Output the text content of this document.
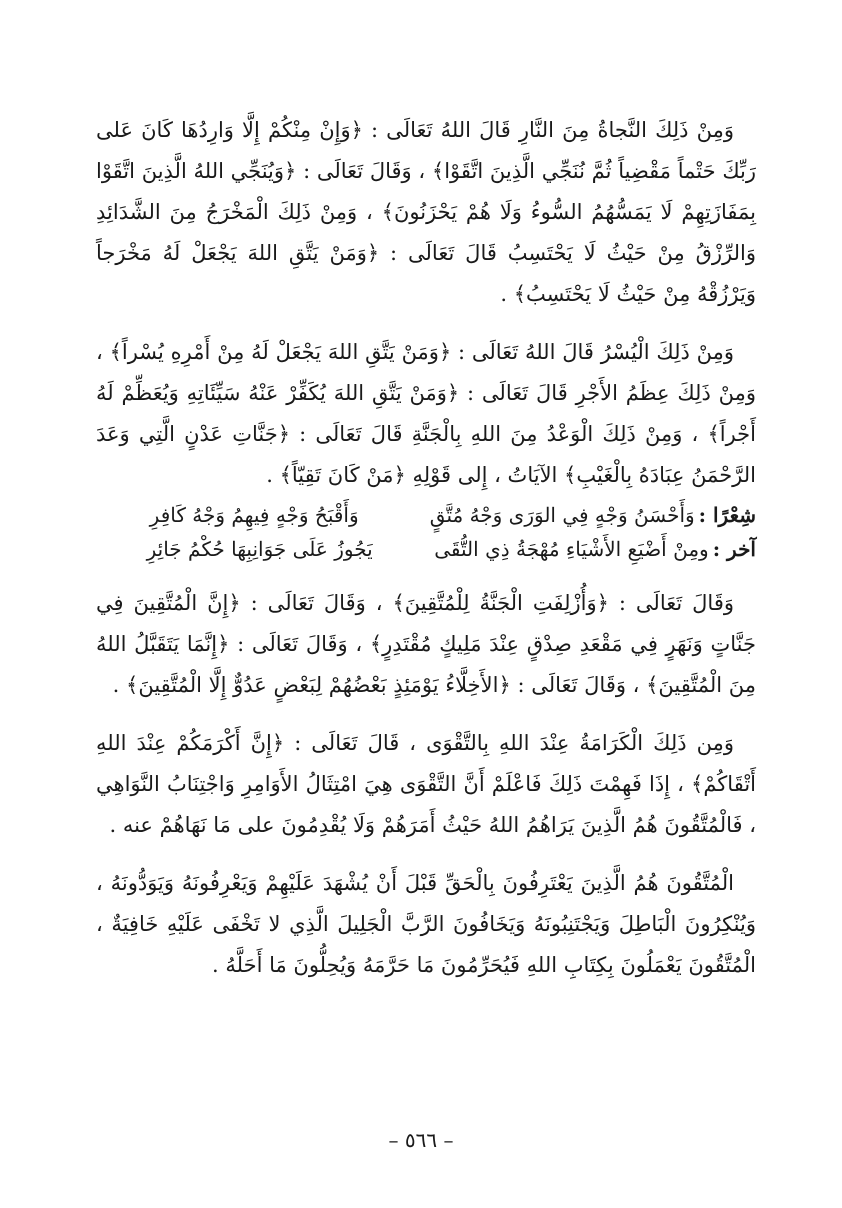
وَمِنْ ذَلِكَ النَّجاةُ مِنَ النَّارِ قَالَ اللهُ تَعَالَى : ﴿وَإِنْ مِنْكُمْ إِلَّا وَارِدُهَا كَانَ عَلى رَبِّكَ حَتْماً مَقْضِياً ثُمَّ نُنَجِّي الَّذِينَ اتَّقَوْا﴾ ، وَقَالَ تَعَالَى : ﴿وَيُنَجِّي اللهُ الَّذِينَ اتَّقَوْا بِمَفَازَتِهِمْ لَا يَمَسُّهُمُ السُّوءُ وَلَا هُمْ يَحْزَنُونَ﴾ ، وَمِنْ ذَلِكَ الْمَخْرَجُ مِنَ الشَّدَائِدِ وَالرِّزْقُ مِنْ حَيْثُ لَا يَحْتَسِبُ قَالَ تَعَالَى : ﴿وَمَنْ يَتَّقِ اللهَ يَجْعَلْ لَهُ مَخْرَجاً وَيَرْزُقْهُ مِنْ حَيْثُ لَا يَحْتَسِبُ﴾ .

وَمِنْ ذَلِكَ الْيُسْرُ قَالَ اللهُ تَعَالَى : ﴿وَمَنْ يَتَّقِ اللهَ يَجْعَلْ لَهُ مِنْ أَمْرِهِ يُسْراً﴾ ، وَمِنْ ذَلِكَ عِظَمُ الأَجْرِ قَالَ تَعَالَى : ﴿وَمَنْ يَتَّقِ اللهَ يُكَفِّرْ عَنْهُ سَيِّئَاتِهِ وَيُعَظِّمْ لَهُ أَجْراً﴾ ، وَمِنْ ذَلِكَ الْوَعْدُ مِنَ اللهِ بِالْجَنَّةِ قَالَ تَعَالَى : ﴿جَنَّاتِ عَدْنٍ الَّتِي وَعَدَ الرَّحْمَنُ عِبَادَهُ بِالْغَيْبِ﴾ الآيَاتُ ، إِلى قَوْلِهِ ﴿مَنْ كَانَ تَقِيّاً﴾ .

شِعْرًا :
وَأَحْسَنُ وَجْهٍ فِي الوَرَى وَجْهُ مُتَّقٍ
وَأَقْبَحُ وَجْهٍ فِيهِمُ وَجْهُ كَافِرِ
آخر :
ومِنْ أَضْيَعِ الأَشْيَاءِ مُهْجَةُ ذِي التُّقَى
يَجُوزُ عَلَى جَوَانِبِهَا حُكْمُ جَائِرِ

وَقَالَ تَعَالَى : ﴿وَأُزْلِفَتِ الْجَنَّةُ لِلْمُتَّقِينَ﴾ ، وَقَالَ تَعَالَى : ﴿إِنَّ الْمُتَّقِينَ فِي جَنَّاتٍ وَنَهَرٍ فِي مَقْعَدِ صِدْقٍ عِنْدَ مَلِيكٍ مُقْتَدِرٍ﴾ ، وَقَالَ تَعَالَى : ﴿إِنَّمَا يَتَقَبَّلُ اللهُ مِنَ الْمُتَّقِينَ﴾ ، وَقَالَ تَعَالَى : ﴿الأَخِلَّاءُ يَوْمَئِذٍ بَعْضُهُمْ لِبَعْضٍ عَدُوٌّ إِلَّا الْمُتَّقِينَ﴾ .

وَمِن ذَلِكَ الْكَرَامَةُ عِنْدَ اللهِ بِالتَّقْوَى ، قَالَ تَعَالَى : ﴿إِنَّ أَكْرَمَكُمْ عِنْدَ اللهِ أَتْقَاكُمْ﴾ ، إِذَا فَهِمْتَ ذَلِكَ فَاعْلَمْ أَنَّ التَّقْوَى هِيَ امْتِثَالُ الأَوَامِرِ وَاجْتِنَابُ النَّوَاهِي ، فَالْمُتَّقُونَ هُمُ الَّذِينَ يَرَاهُمُ اللهُ حَيْثُ أَمَرَهُمْ وَلَا يُقْدِمُونَ على مَا نَهَاهُمْ عنه .

الْمُتَّقُونَ هُمُ الَّذِينَ يَعْتَرِفُونَ بِالْحَقِّ قَبْلَ أَنْ يُشْهَدَ عَلَيْهِمْ وَيَعْرِفُونَهُ وَيَوَدُّونَهُ ، وَيُنْكِرُونَ الْبَاطِلَ وَيَجْتَنِبُونَهُ وَيَخَافُونَ الرَّبَّ الْجَلِيلَ الَّذِي لا تَخْفَى عَلَيْهِ خَافِيَةٌ ، الْمُتَّقُونَ يَعْمَلُونَ بِكِتَابِ اللهِ فَيُحَرِّمُونَ مَا حَرَّمَهُ وَيُحِلُّونَ مَا أَحَلَّهُ .

– ٥٦٦ –
